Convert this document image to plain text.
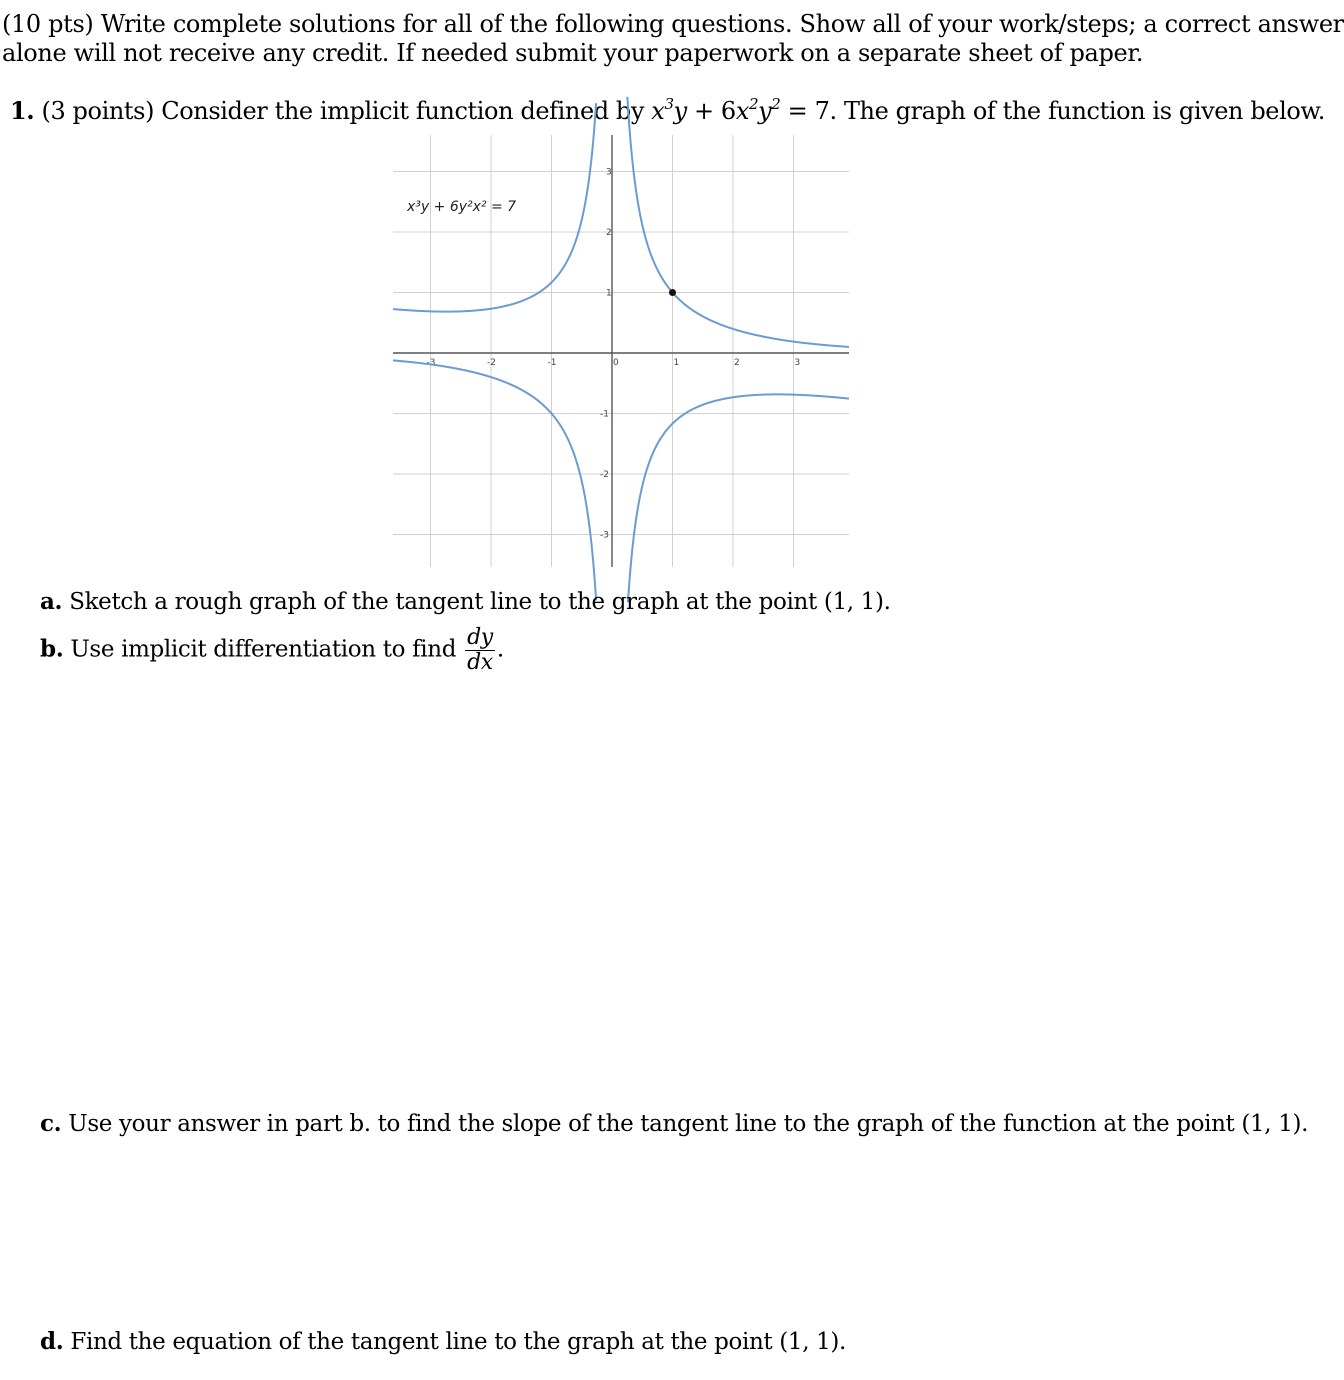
(10 pts) Write complete solutions for all of the following questions. Show all of your work/steps; a correct answer
alone will not receive any credit. If needed submit your paperwork on a separate sheet of paper.
1. (3 points) Consider the implicit function defined by $x^3y + 6x^2y^2 = 7$. The graph of the function is given below.
-3	-2	-1	0	1	2	3
3
2
1
-1
-2
-3
x³y + 6y²x² = 7
a. Sketch a rough graph of the tangent line to the graph at the point (1, 1).
b. Use implicit differentiation to find $\frac{dy}{dx}$ .
c. Use your answer in part b. to find the slope of the tangent line to the graph of the function at the point (1, 1).
d. Find the equation of the tangent line to the graph at the point (1, 1).
